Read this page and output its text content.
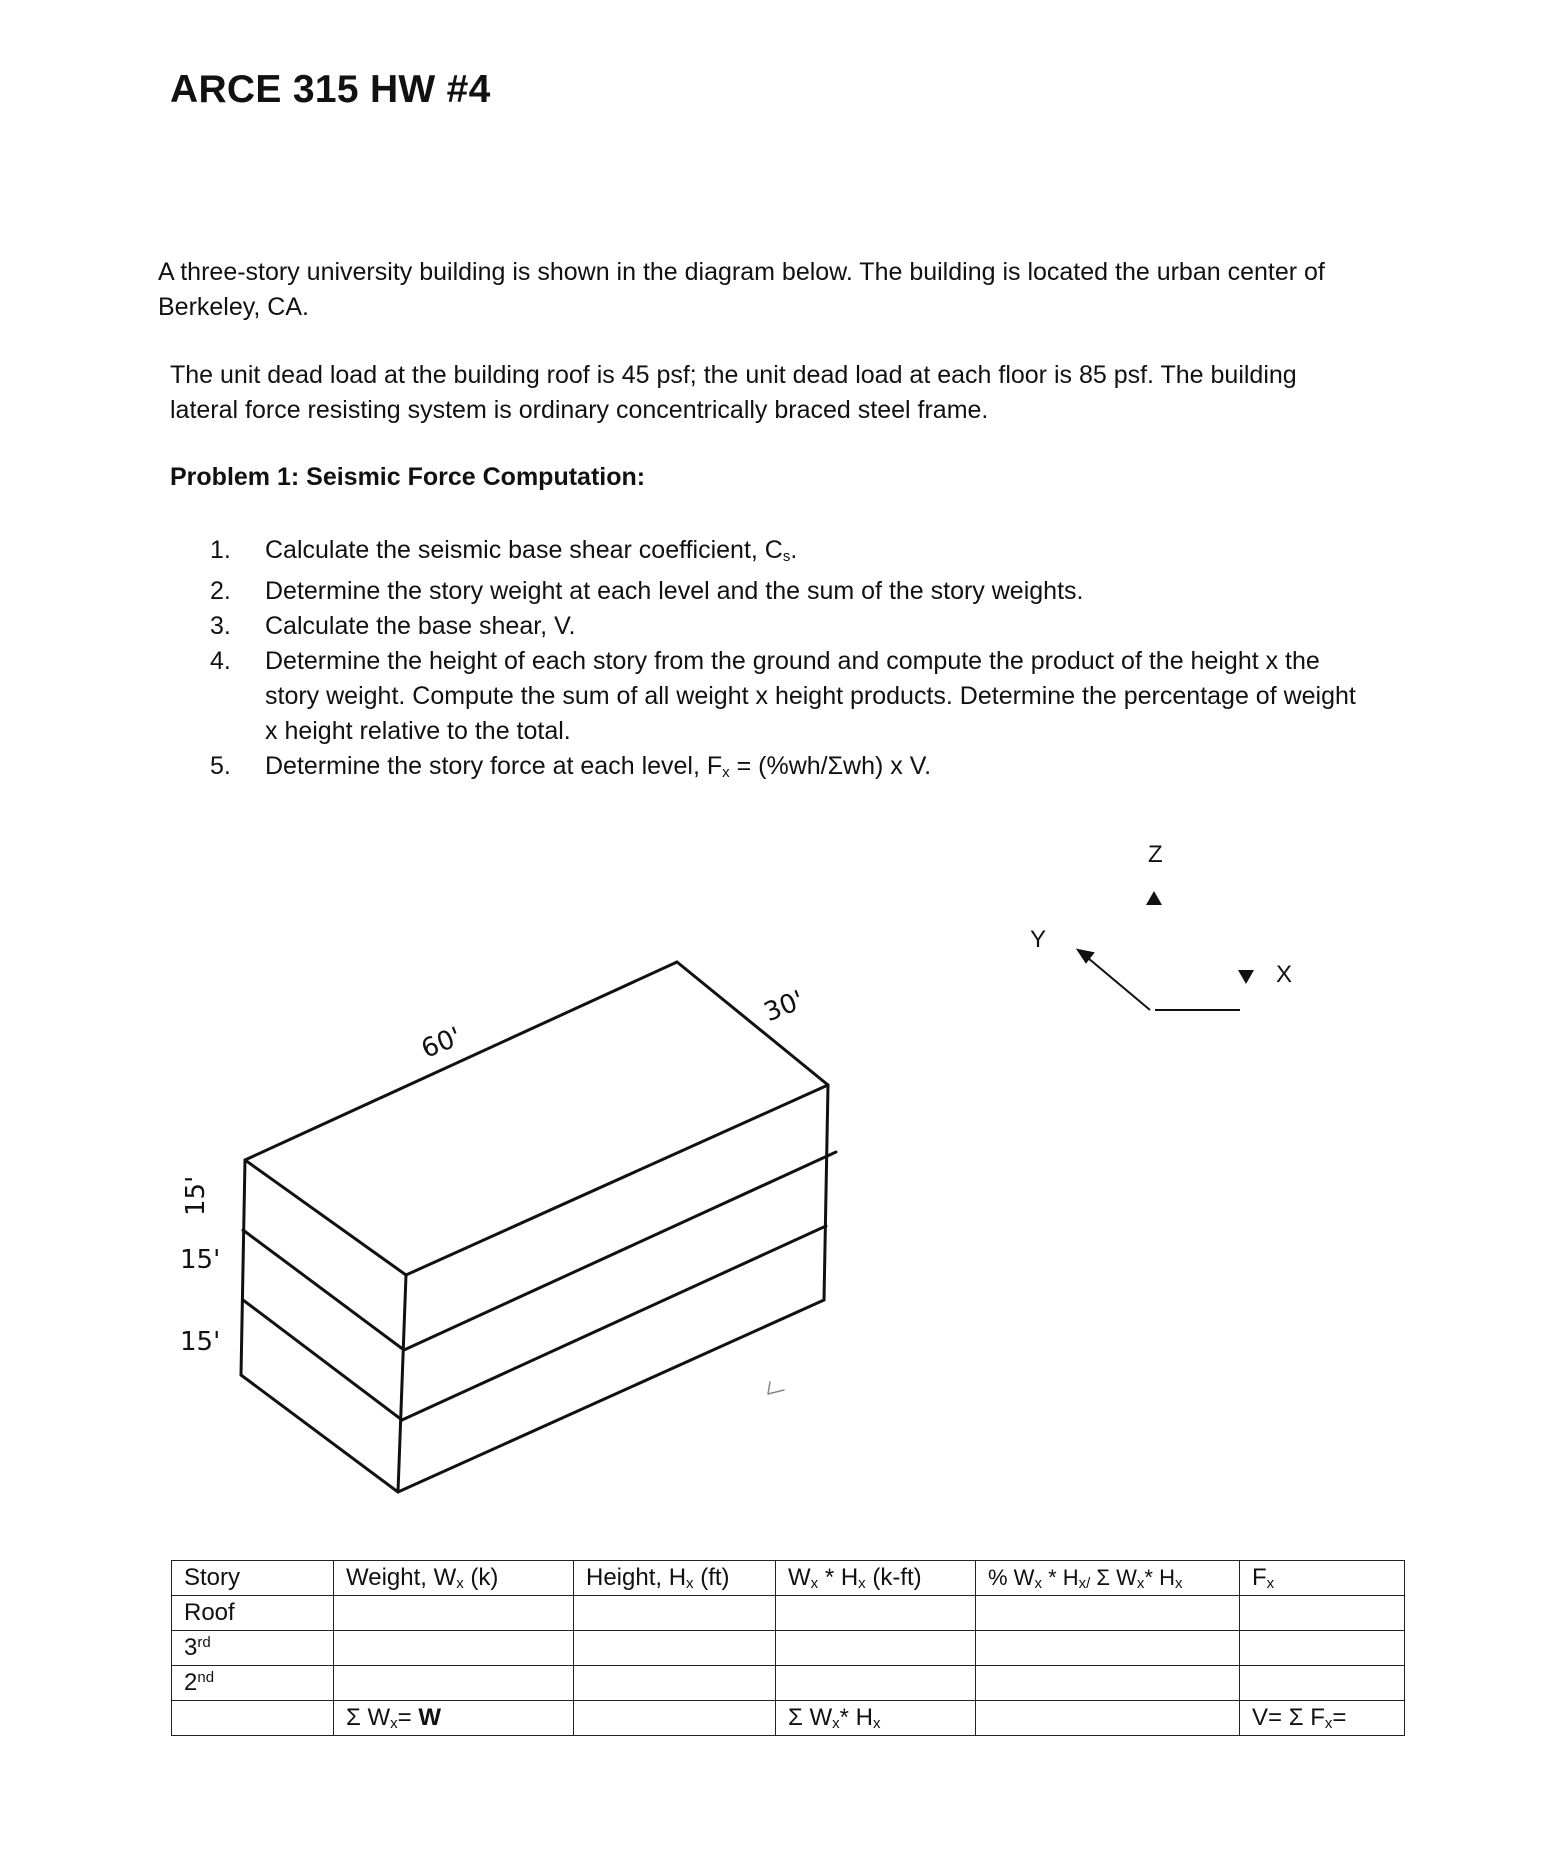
ARCE 315 HW #4
A three-story university building is shown in the diagram below. The building is located the urban center of Berkeley, CA.
The unit dead load at the building roof is 45 psf; the unit dead load at each floor is 85 psf. The building lateral force resisting system is ordinary concentrically braced steel frame.
Problem 1: Seismic Force Computation:
1.	Calculate the seismic base shear coefficient, $C_s$.
2.	Determine the story weight at each level and the sum of the story weights.
3.	Calculate the base shear, V.
4.	Determine the height of each story from the ground and compute the product of the height x the story weight. Compute the sum of all weight x height products. Determine the percentage of weight x height relative to the total.
5.	Determine the story force at each level, $F_x = (\%wh/\Sigma wh)$ x V.
Z
Y
X
60'
30'
15'
15'
15'
Story	Weight, $W_x$ (k)	Height, $H_x$ (ft)	$W_x * H_x$ (k-ft)	% $W_x * H_{x/}$ Σ $W_x*$ $H_x$	$F_x$
Roof					
3rd					
2nd					
	Σ $W_x= W$		Σ $W_x*$ $H_x$		V= Σ $F_x=$
